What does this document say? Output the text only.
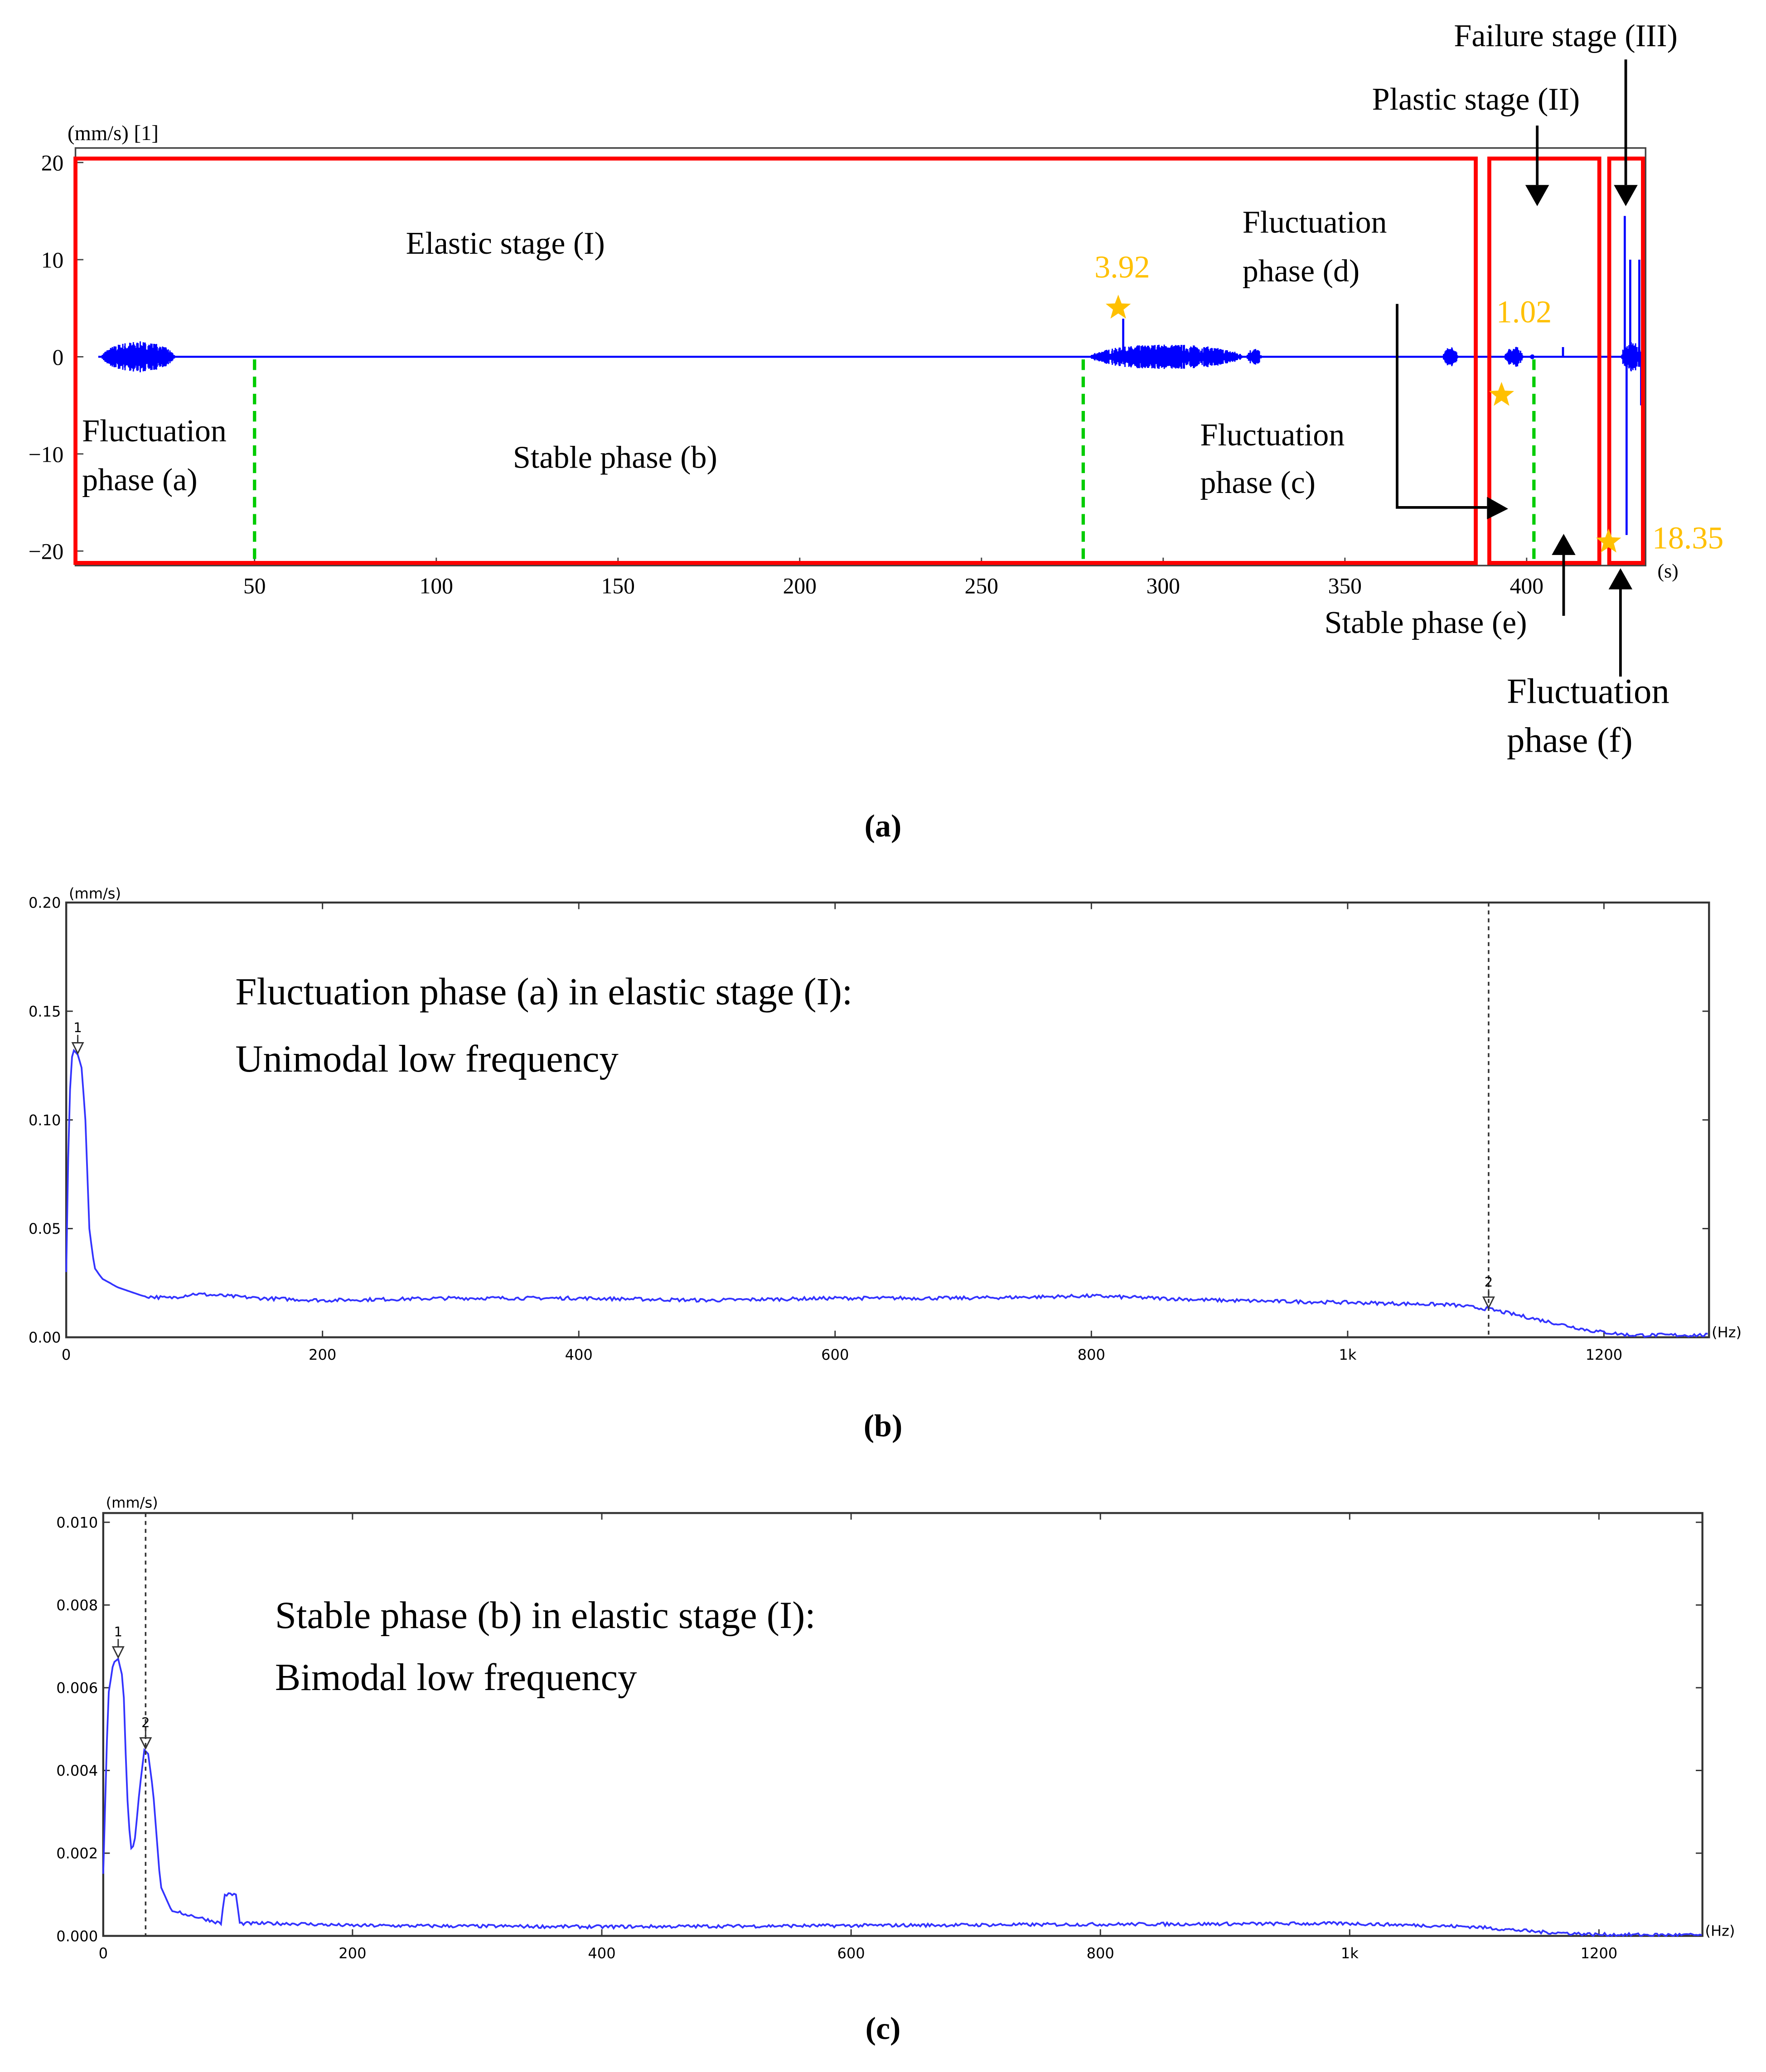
(mm/s) [1]
(s)
20
10
0
−10
−20
50	100	150	200	250	300	350	400
3.92
1.02
18.35
Elastic stage (I)
Plastic stage (II)
Failure stage (III)
Fluctuation
phase (a)
Stable phase (b)
Fluctuation
phase (c)
Fluctuation
phase (d)
Stable phase (e)
Fluctuation
phase (f)
(a)
(mm/s)
(Hz)
0.00
0.05
0.10
0.15
0.20
0	200	400	600	800	1k	1200
1
2
Fluctuation phase (a) in elastic stage (I):
Unimodal low frequency
(b)
(mm/s)
(Hz)
0.000
0.002
0.004
0.006
0.008
0.010
0	200	400	600	800	1k	1200
1
2
Stable phase (b) in elastic stage (I):
Bimodal low frequency
(c)
